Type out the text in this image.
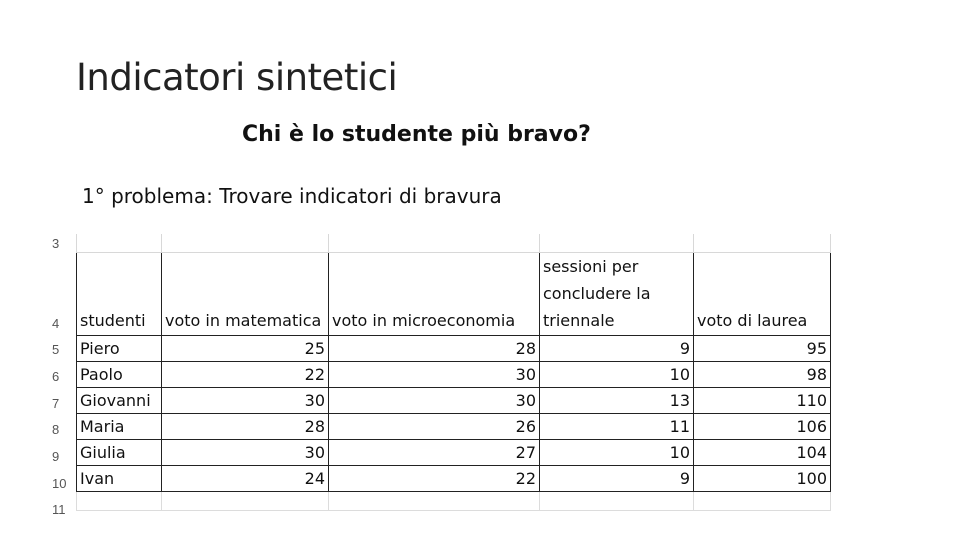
Indicatori sintetici
Chi è lo studente più bravo?
1° problema: Trovare indicatori di bravura
3
4
5
6
7
8
9
10
11

studenti	voto in matematica	voto in microeconomia	sessioni per concludere la triennale	voto di laurea
Piero	25	28	9	95
Paolo	22	30	10	98
Giovanni	30	30	13	110
Maria	28	26	11	106
Giulia	30	27	10	104
Ivan	24	22	9	100
